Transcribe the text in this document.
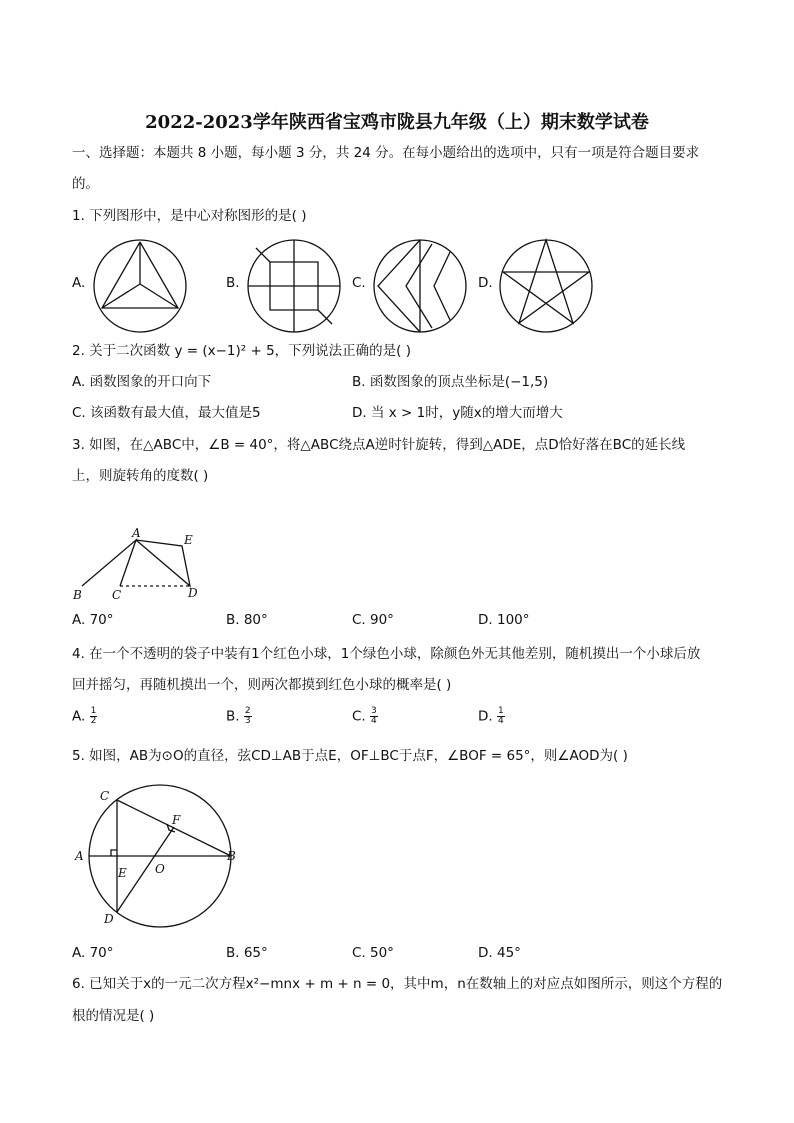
2022-2023学年陕西省宝鸡市陇县九年级（上）期末数学试卷
一、选择题：本题共 8 小题，每小题 3 分，共 24 分。在每小题给出的选项中，只有一项是符合题目要求
的。
1. 下列图形中，是中心对称图形的是( )
A.	B.	C.	D.
2. 关于二次函数 y = (x−1)² + 5，下列说法正确的是( )
A. 函数图象的开口向下	B. 函数图象的顶点坐标是(−1,5)
C. 该函数有最大值，最大值是5	D. 当 x > 1时，y随x的增大而增大
3. 如图，在△ABC中，∠B = 40°，将△ABC绕点A逆时针旋转，得到△ADE，点D恰好落在BC的延长线
上，则旋转角的度数( )
A	E
B	C	D
A. 70°	B. 80°	C. 90°	D. 100°
4. 在一个不透明的袋子中装有1个红色小球，1个绿色小球，除颜色外无其他差别，随机摸出一个小球后放
回并摇匀，再随机摸出一个，则两次都摸到红色小球的概率是( )
A. $\frac{1}{2}$	B. $\frac{2}{3}$	C. $\frac{3}{4}$	D. $\frac{1}{4}$
5. 如图，AB为⊙O的直径，弦CD⊥AB于点E，OF⊥BC于点F，∠BOF = 65°，则∠AOD为( )
C
F
A	B
E O
D
A. 70°	B. 65°	C. 50°	D. 45°
6. 已知关于x的一元二次方程x²−mnx + m + n = 0，其中m，n在数轴上的对应点如图所示，则这个方程的
根的情况是( )
